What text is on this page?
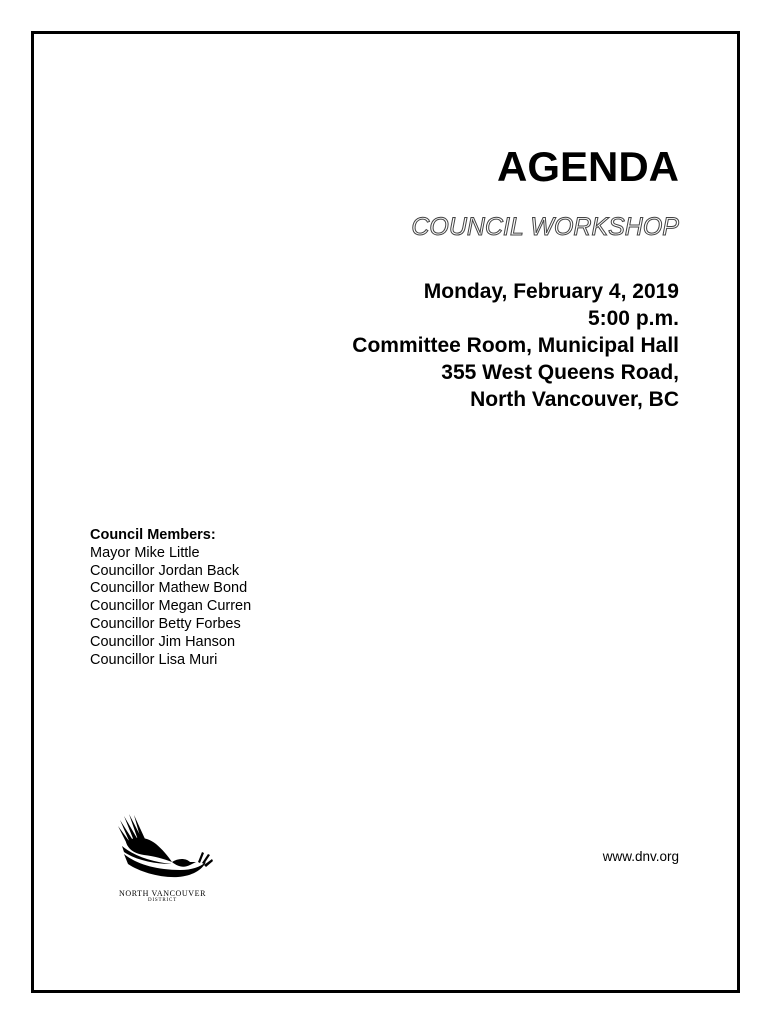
AGENDA
COUNCIL WORKSHOP
Monday, February 4, 2019
5:00 p.m.
Committee Room, Municipal Hall
355 West Queens Road,
North Vancouver, BC
Council Members:
Mayor Mike Little
Councillor Jordan Back
Councillor Mathew Bond
Councillor Megan Curren
Councillor Betty Forbes
Councillor Jim Hanson
Councillor Lisa Muri
NORTH VANCOUVER
DISTRICT
www.dnv.org
